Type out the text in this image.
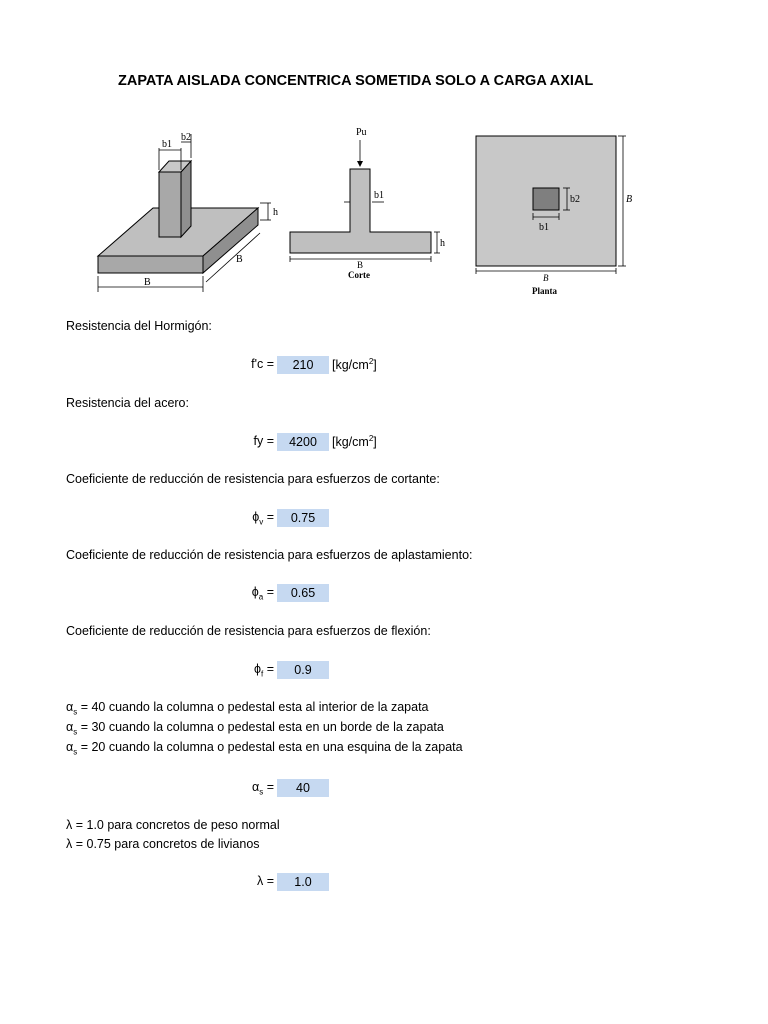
ZAPATA AISLADA CONCENTRICA SOMETIDA SOLO A CARGA AXIAL
b1
b2
h
B
B
Pu
b1
h
B
Corte
b2
b1
B
B
Planta
Resistencia del Hormigón:
f'c =	210	$[kg/cm^2]$
Resistencia del acero:
fy =	4200	$[kg/cm^2]$
Coeficiente de reducción de resistencia para esfuerzos de cortante:
$\phi_v$ =	0.75
Coeficiente de reducción de resistencia para esfuerzos de aplastamiento:
$\phi_a$ =	0.65
Coeficiente de reducción de resistencia para esfuerzos de flexión:
$\phi_f$ =	0.9
$\alpha_s = 40$ cuando la columna o pedestal esta al interior de la zapata
$\alpha_s = 30$ cuando la columna o pedestal esta en un borde de la zapata
$\alpha_s = 20$ cuando la columna o pedestal esta en una esquina de la zapata
$\alpha_s$ =	40
λ = 1.0 para concretos de peso normal
λ = 0.75 para concretos de livianos
λ =	1.0
